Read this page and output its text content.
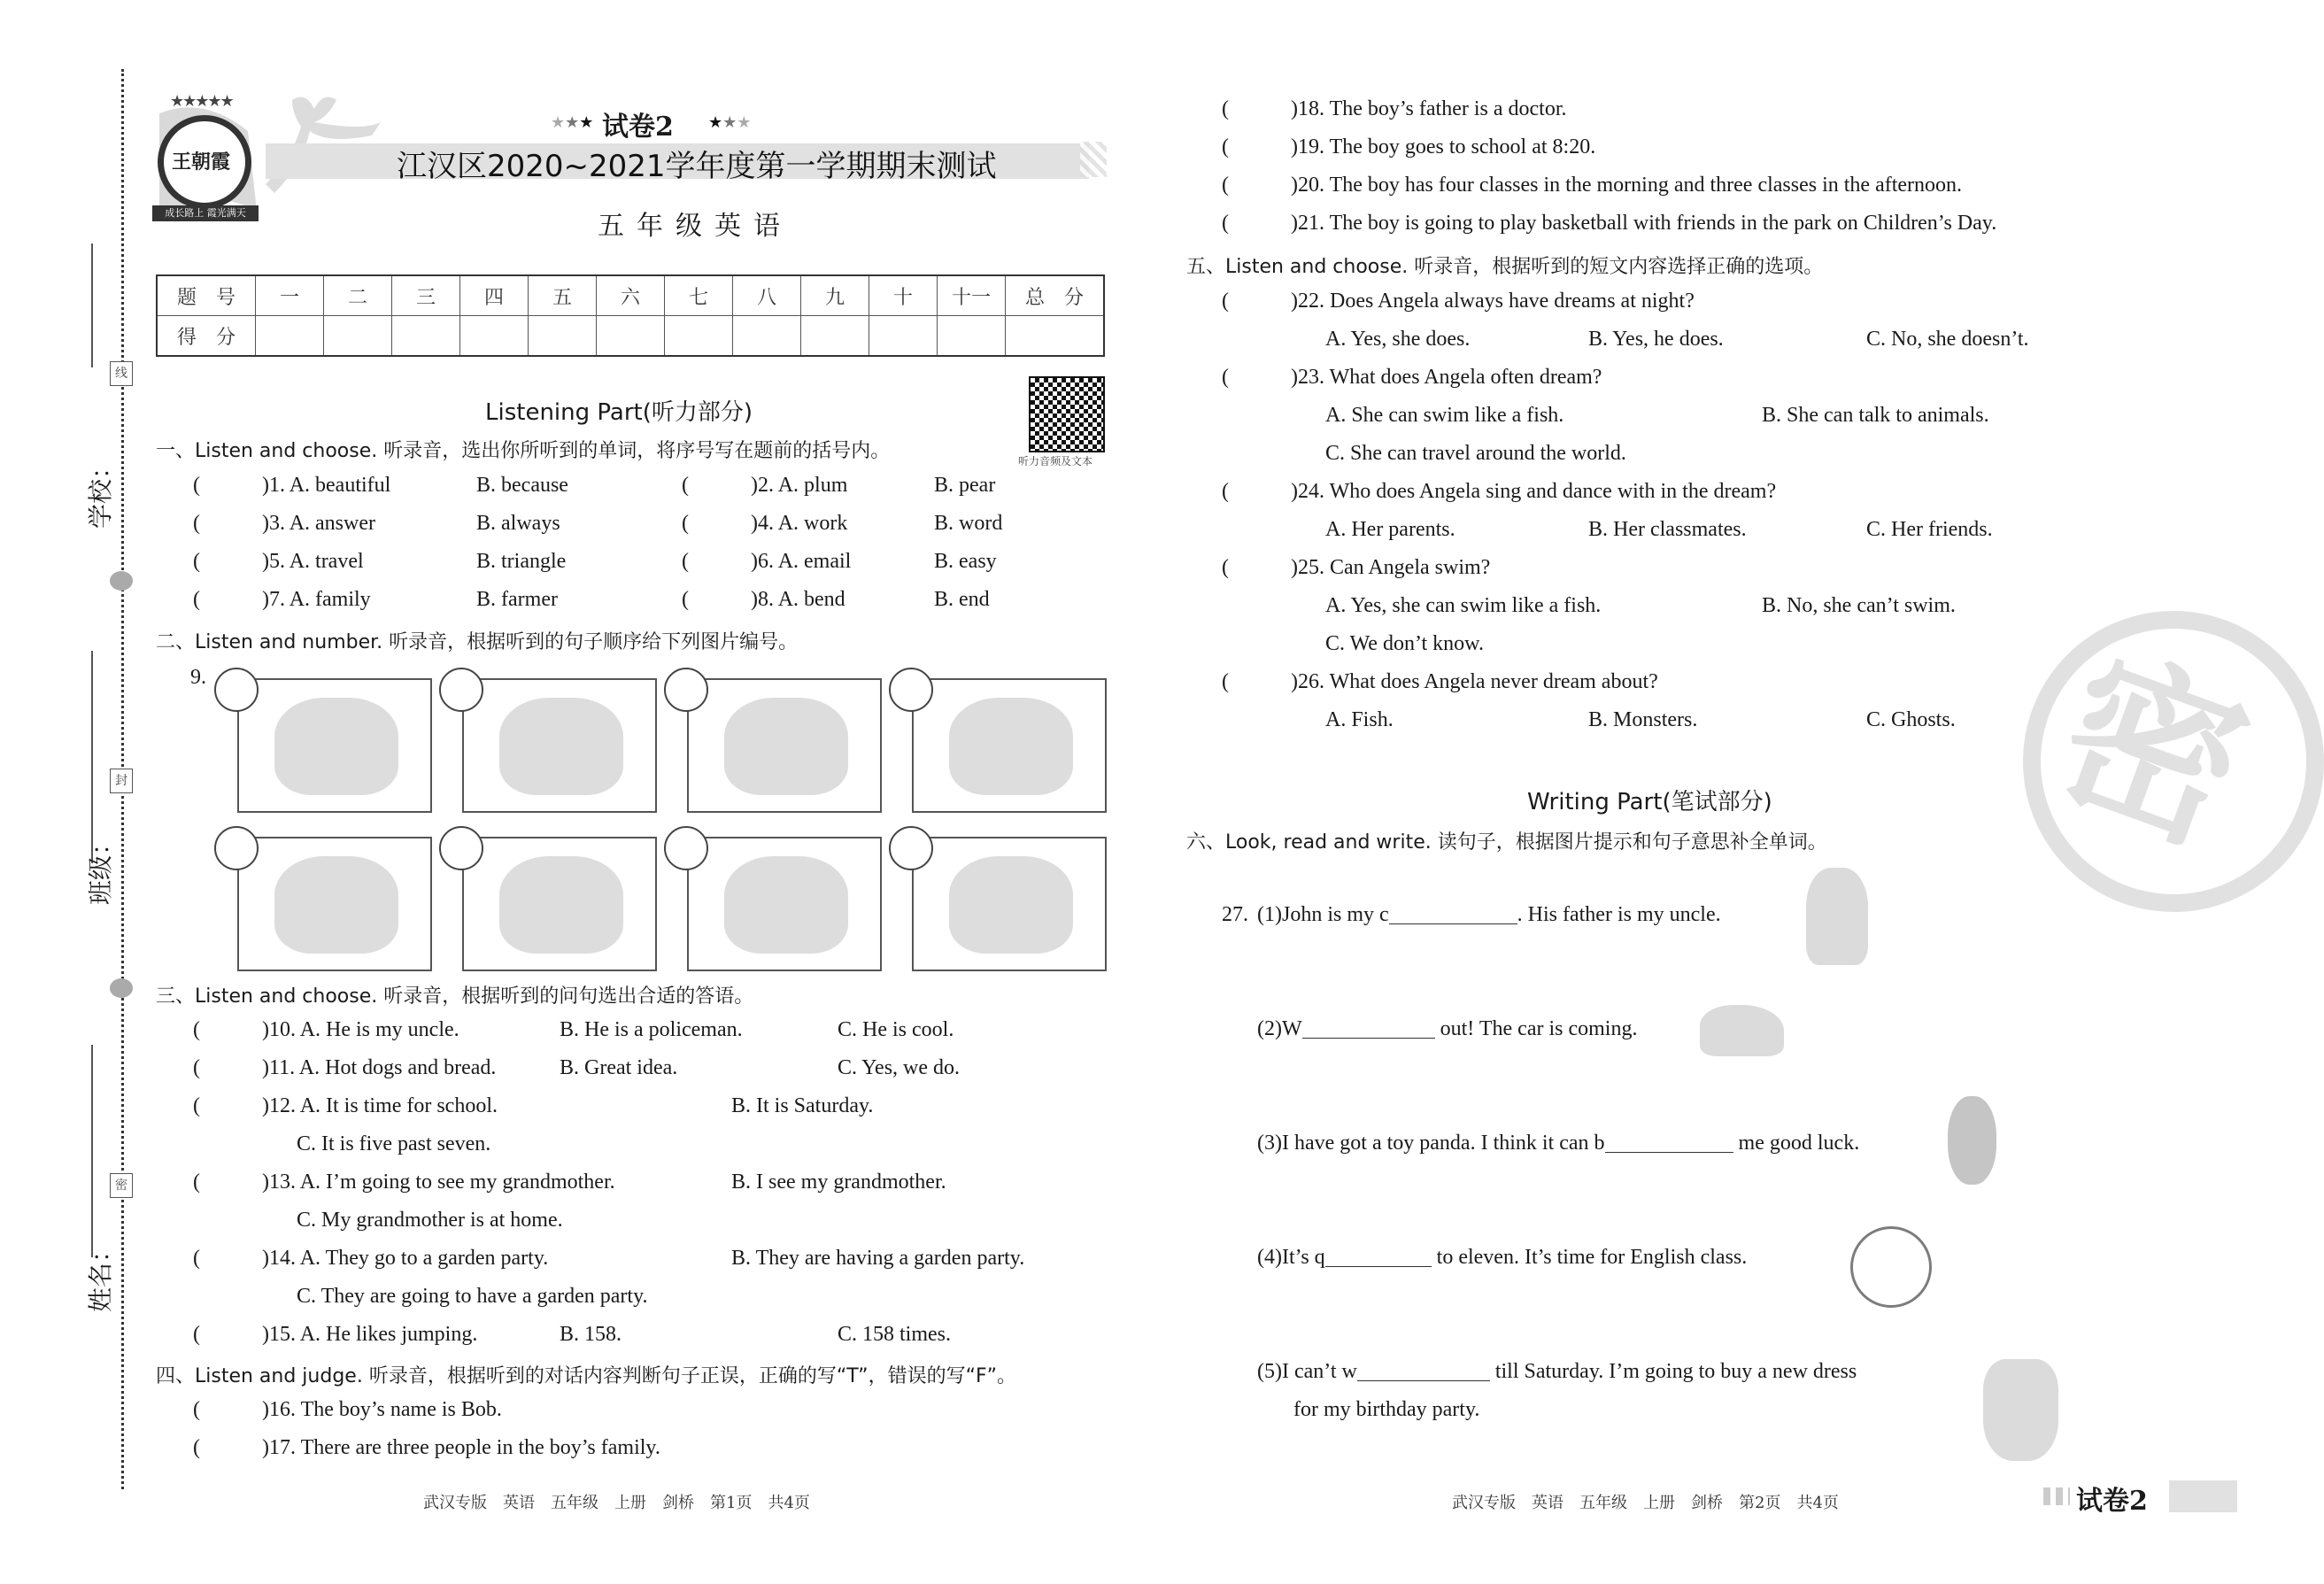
线
封
密
学校：
班级：
姓名：
★★★★★
王朝霞
成长路上 霞光满天
★★★ 试卷2 ★★★
江汉区2020~2021学年度第一学期期末测试
五年级英语
题　号	一	二	三	四	五	六	七	八	九	十	十一	总　分
得　分												
听力音频及文本
Listening Part(听力部分)
一、Listen and choose. 听录音，选出你所听到的单词，将序号写在题前的括号内。
(	)1. A. beautiful	B. because	(	)2. A. plum	B. pear
(	)3. A. answer	B. always	(	)4. A. work	B. word
(	)5. A. travel	B. triangle	(	)6. A. email	B. easy
(	)7. A. family	B. farmer	(	)8. A. bend	B. end
二、Listen and number. 听录音，根据听到的句子顺序给下列图片编号。
9.
三、Listen and choose. 听录音，根据听到的问句选出合适的答语。
(	)10. A. He is my uncle.	B. He is a policeman.	C. He is cool.
(	)11. A. Hot dogs and bread.	B. Great idea.	C. Yes, we do.
(	)12. A. It is time for school.	B. It is Saturday.
C. It is five past seven.
(	)13. A. I’m going to see my grandmother.	B. I see my grandmother.
C. My grandmother is at home.
(	)14. A. They go to a garden party.	B. They are having a garden party.
C. They are going to have a garden party.
(	)15. A. He likes jumping.	B. 158.	C. 158 times.
四、Listen and judge. 听录音，根据听到的对话内容判断句子正误，正确的写“T”，错误的写“F”。
(	)16. The boy’s name is Bob.
(	)17. There are three people in the boy’s family.
(	)18. The boy’s father is a doctor.
(	)19. The boy goes to school at 8:20.
(	)20. The boy has four classes in the morning and three classes in the afternoon.
(	)21. The boy is going to play basketball with friends in the park on Children’s Day.
武汉专版　英语　五年级　上册　剑桥　第1页　共4页
密
五、Listen and choose. 听录音，根据听到的短文内容选择正确的选项。
(	)22. Does Angela always have dreams at night?
A. Yes, she does.	B. Yes, he does.	C. No, she doesn’t.
(	)23. What does Angela often dream?
A. She can swim like a fish.	B. She can talk to animals.
C. She can travel around the world.
(	)24. Who does Angela sing and dance with in the dream?
A. Her parents.	B. Her classmates.	C. Her friends.
(	)25. Can Angela swim?
A. Yes, she can swim like a fish.	B. No, she can’t swim.
C. We don’t know.
(	)26. What does Angela never dream about?
A. Fish.	B. Monsters.	C. Ghosts.
Writing Part(笔试部分)
六、Look, read and write. 读句子，根据图片提示和句子意思补全单词。
27. (1)John is my c	. His father is my uncle.
(2)W	out! The car is coming.
(3)I have got a toy panda. I think it can b	me good luck.
(4)It’s q	to eleven. It’s time for English class.
(5)I can’t w	till Saturday. I’m going to buy a new dress
for my birthday party.
武汉专版　英语　五年级　上册　剑桥　第2页　共4页	试卷2
